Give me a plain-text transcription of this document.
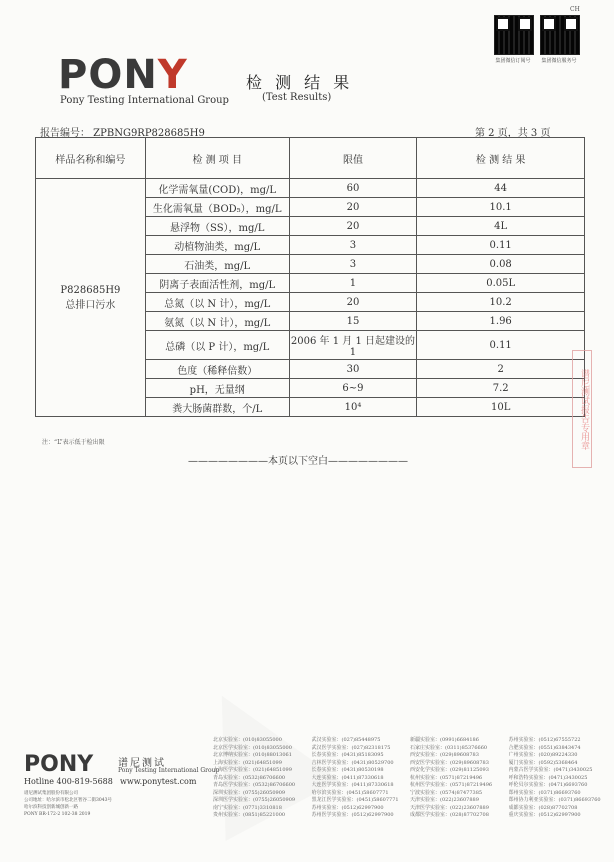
CH
集团微信订阅号	集团微信服务号
PONY
Pony Testing International Group
检 测 结 果
(Test Results)
报告编号： ZPBNG9RP828685H9	第 2 页，共 3 页
样品名称和编号	检 测 项 目	限值	检 测 结 果

P828685H9
总排口污水	化学需氧量(COD)，mg/L	60	44
	生化需氧量（BOD₅），mg/L	20	10.1
	悬浮物（SS），mg/L	20	4L
	动植物油类，mg/L	3	0.11
	石油类，mg/L	3	0.08
	阴离子表面活性剂，mg/L	1	0.05L
	总氮（以 N 计），mg/L	20	10.2
	氨氮（以 N 计），mg/L	15	1.96
	总磷（以 P 计），mg/L	2006 年 1 月 1 日起建设的 1	0.11
	色度（稀释倍数）	30	2
	pH，无量纲	6~9	7.2
	粪大肠菌群数，个/L	10⁴	10L
注：“L”表示低于检出限
————————本页以下空白————————
谱尼测试报告专用章
PONY 谱尼测试
Pony Testing International Group
Hotline 400-819-5688 www.ponytest.com
谱尼测试集团股份有限公司
公司地址：哈尔滨市松北区智谷二街3043号
哈尔滨科技创新城创新一路
PONY BR-172-2 102-38 2019
北京实验室：(010)83055000	武汉实验室：(027)85448975	新疆实验室：(0991)6684186	苏州实验室：(0512)67555722
北京医学实验室：(010)83055000	武汉医学实验室：(027)82318175	石家庄实验室：(0311)85376660	合肥实验室：(0551)63843474
北京博纳实验室：(010)88013061	长春实验室：(0431)85183095	西安实验室：(029)89608783	广州实验室：(020)89224330
上海实验室：(021)64851099	吉林医学实验室：(0431)80529700	西安医学实验室：(029)89608783	厦门实验室：(0592)5368464
上海医学实验室：(021)64851099	长春实验室：(0431)80530198	西安化学实验室：(029)81125093	内蒙古医学实验室：(0471)3430025
青岛实验室：(0532)86706600	大连实验室：(0411)87330618	杭州实验室：(0571)87219496	呼和浩特实验室：(0471)3430025
青岛医学实验室：(0532)86706600	大连医学实验室：(0411)87330618	杭州医学实验室：(0571)87219496	呼伦贝尔实验室：(0471)6693760
深圳实验室：(0755)26050909	哈尔滨实验室：(0451)58607771	宁波实验室：(0574)87477385	郑州实验室：(0371)86693760
深圳医学实验室：(0755)26050909	黑龙江医学实验室：(0451)58607771	天津实验室：(022)23607889	郑州协力利亚实验室：(0371)86693760
南宁实验室：(0771)3310818	苏州实验室：(0512)62997900	天津医学实验室：(022)23607889	成都实验室：(028)87702708
贵州实验室：(0851)85221000	苏州医学实验室：(0512)62997900	成都医学实验室：(028)87702708	重庆实验室：(0512)62997900
